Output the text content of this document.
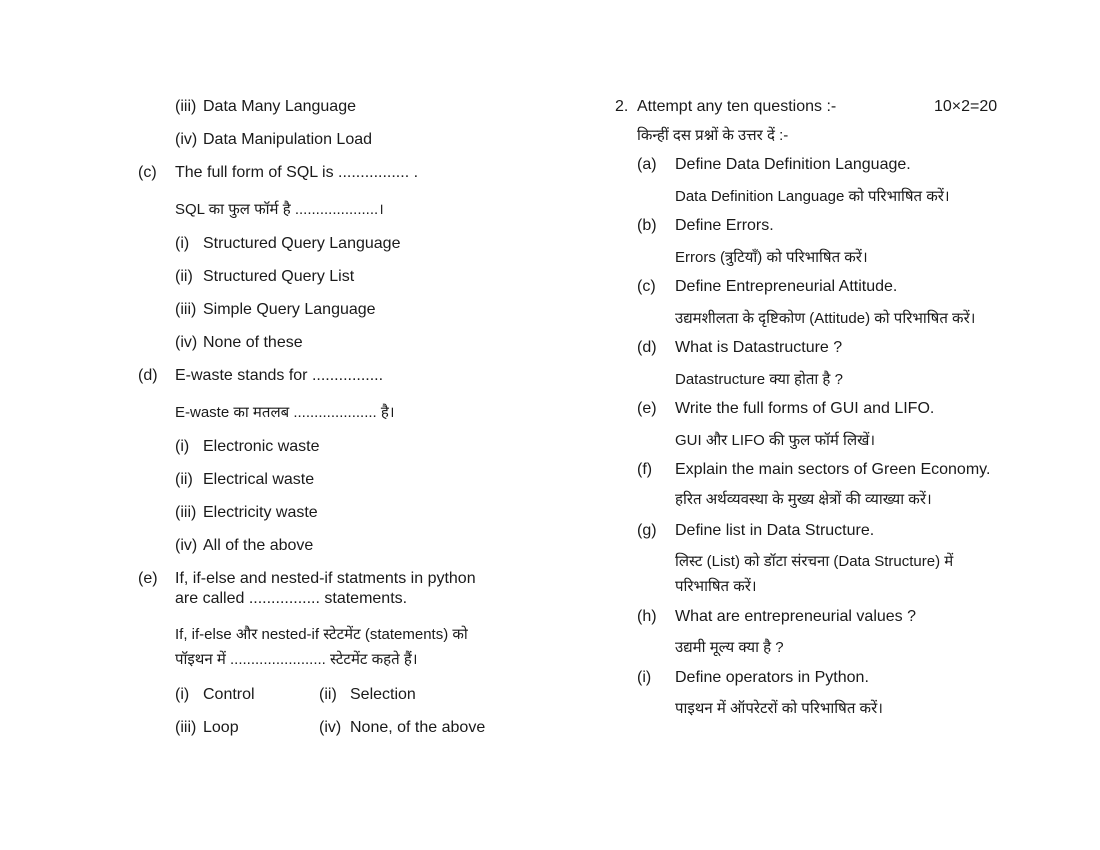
(iii) Data Many Language
(iv) Data Manipulation Load
(c) The full form of SQL is ................ .
SQL का फुल फॉर्म है ....................।
(i) Structured Query Language
(ii) Structured Query List
(iii) Simple Query Language
(iv) None of these
(d) E-waste stands for ................
E-waste का मतलब .................... है।
(i) Electronic waste
(ii) Electrical waste
(iii) Electricity waste
(iv) All of the above
(e) If, if-else and nested-if statments in python
are called ................ statements.
If, if-else और nested-if स्टेटमेंट (statements) को
पॉइथन में ....................... स्टेटमेंट कहते हैं।
(i) Control	(ii) Selection
(iii) Loop	(iv) None, of the above
2. Attempt any ten questions :-	10×2=20
किन्हीं दस प्रश्नों के उत्तर दें :-
(a) Define Data Definition Language.
Data Definition Language को परिभाषित करें।
(b) Define Errors.
Errors (त्रुटियाँ) को परिभाषित करें।
(c) Define Entrepreneurial Attitude.
उद्यमशीलता के दृष्टिकोण (Attitude) को परिभाषित करें।
(d) What is Datastructure ?
Datastructure क्या होता है ?
(e) Write the full forms of GUI and LIFO.
GUI और LIFO की फुल फॉर्म लिखें।
(f) Explain the main sectors of Green Economy.
हरित अर्थव्यवस्था के मुख्य क्षेत्रों की व्याख्या करें।
(g) Define list in Data Structure.
लिस्ट (List) को डॉटा संरचना (Data Structure) में
परिभाषित करें।
(h) What are entrepreneurial values ?
उद्यमी मूल्य क्या है ?
(i) Define operators in Python.
पाइथन में ऑपरेटरों को परिभाषित करें।
